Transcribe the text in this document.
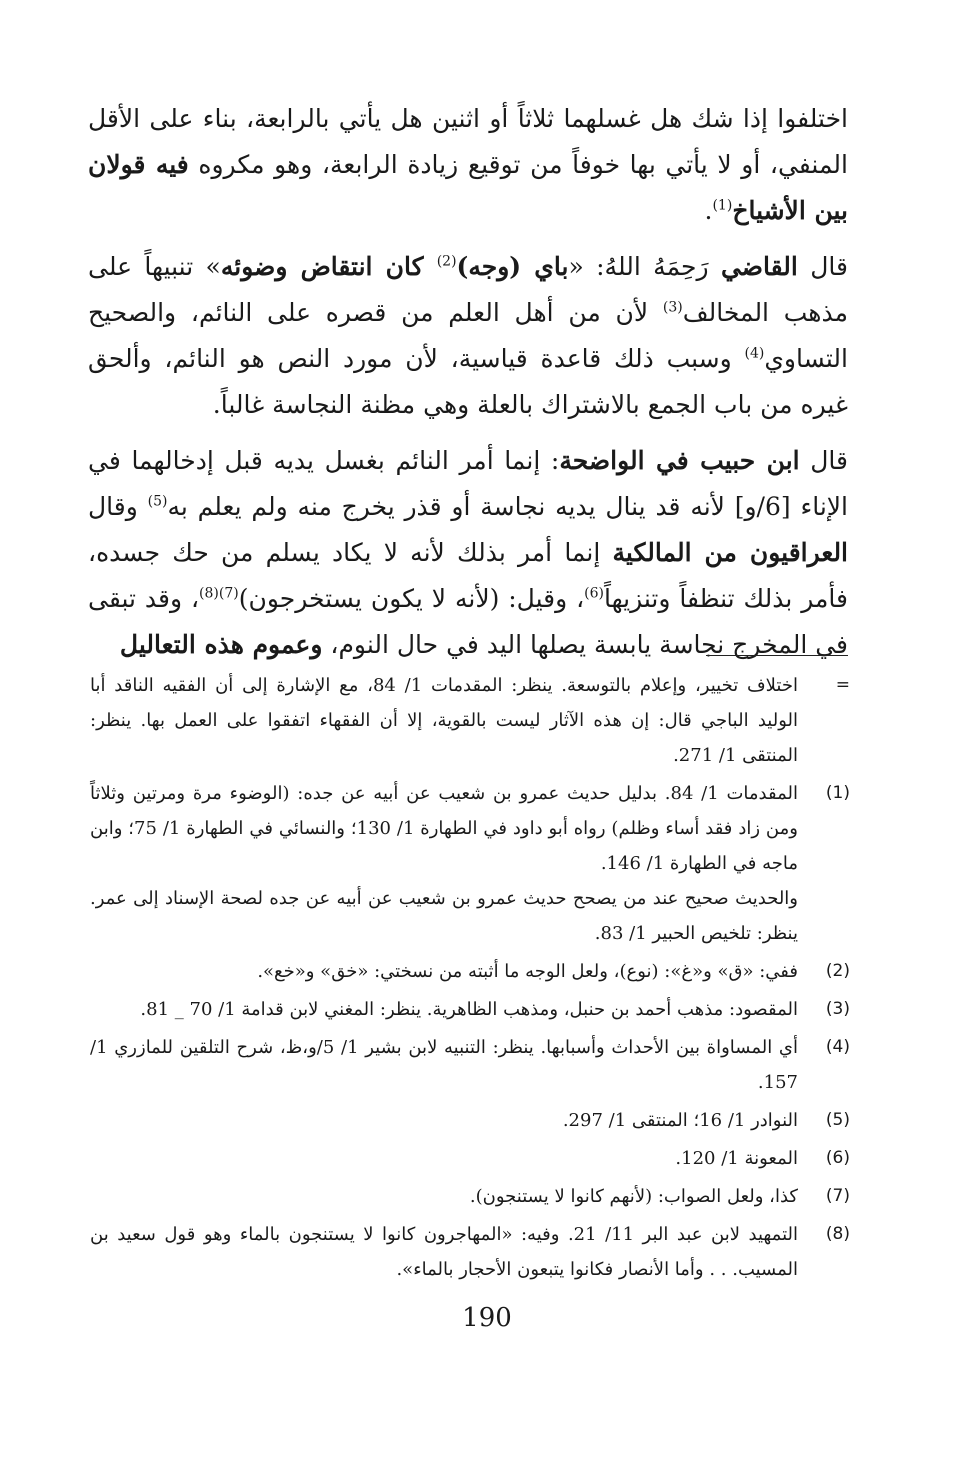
اختلفوا إذا شك هل غسلهما ثلاثاً أو اثنين هل يأتي بالرابعة، بناء على الأقل المنفي، أو لا يأتي بها خوفاً من توقيع زيادة الرابعة، وهو مكروه فيه قولان بين الأشياخ$^{(1)}$.

قال القاضي رَحِمَهُ اللهُ: «باي (وجه)$^{(2)}$ كان انتقاض وضوئه» تنبيهاً على مذهب المخالف$^{(3)}$ لأن من أهل العلم من قصره على النائم، والصحيح التساوي$^{(4)}$ وسبب ذلك قاعدة قياسية، لأن مورد النص هو النائم، وألحق غيره من باب الجمع بالاشتراك بالعلة وهي مظنة النجاسة غالباً.

قال ابن حبيب في الواضحة: إنما أمر النائم بغسل يديه قبل إدخالهما في الإناء [6/و] لأنه قد ينال يديه نجاسة أو قذر يخرج منه ولم يعلم به$^{(5)}$ وقال العراقيون من المالكية إنما أمر بذلك لأنه لا يكاد يسلم من حك جسده، فأمر بذلك تنظفاً وتنزيهاً$^{(6)}$، وقيل: (لأنه لا يكون يستخرجون)$^{(7)(8)}$، وقد تبقى في المخرج نجاسة يابسة يصلها اليد في حال النوم، وعموم هذه التعاليل

=
اختلاف تخيير، وإعلام بالتوسعة. ينظر: المقدمات 1/ 84، مع الإشارة إلى أن الفقيه الناقد أبا الوليد الباجي قال: إن هذه الآثار ليست بالقوية، إلا أن الفقهاء اتفقوا على العمل بها. ينظر: المنتقى 1/ 271.
(1)
المقدمات 1/ 84. بدليل حديث عمرو بن شعيب عن أبيه عن جده: (الوضوء مرة ومرتين وثلاثاً ومن زاد فقد أساء وظلم) رواه أبو داود في الطهارة 1/ 130؛ والنسائي في الطهارة 1/ 75؛ وابن ماجه في الطهارة 1/ 146.
والحديث صحيح عند من يصحح حديث عمرو بن شعيب عن أبيه عن جده لصحة الإسناد إلى عمر. ينظر: تلخيص الحبير 1/ 83.
(2)
ففي: «ق» و«غ»: (نوع)، ولعل الوجه ما أثبته من نسختي: «خق» و«خع».
(3)
المقصود: مذهب أحمد بن حنبل، ومذهب الظاهرية. ينظر: المغني لابن قدامة 1/ 70 _ 81.
(4)
أي المساواة بين الأحداث وأسبابها. ينظر: التنبيه لابن بشير 1/ 5/و،ظ، شرح التلقين للمازري 1/ 157.
(5)
النوادر 1/ 16؛ المنتقى 1/ 297.
(6)
المعونة 1/ 120.
(7)
كذا، ولعل الصواب: (لأنهم كانوا لا يستنجون).
(8)
التمهيد لابن عبد البر 11/ 21. وفيه: «المهاجرون كانوا لا يستنجون بالماء وهو قول سعيد بن المسيب. . . وأما الأنصار فكانوا يتبعون الأحجار بالماء».
190
